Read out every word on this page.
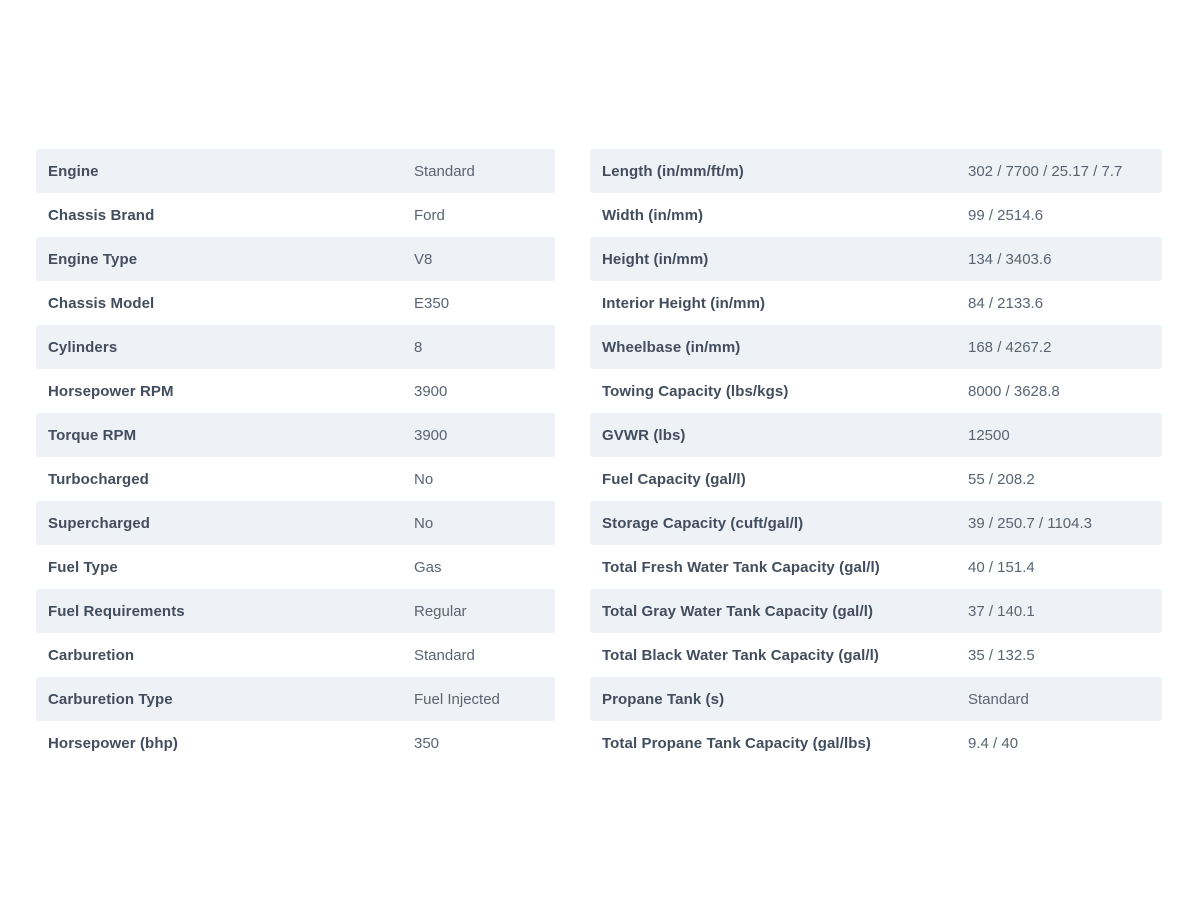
Engine	Standard
Chassis Brand	Ford
Engine Type	V8
Chassis Model	E350
Cylinders	8
Horsepower RPM	3900
Torque RPM	3900
Turbocharged	No
Supercharged	No
Fuel Type	Gas
Fuel Requirements	Regular
Carburetion	Standard
Carburetion Type	Fuel Injected
Horsepower (bhp)	350
Length (in/mm/ft/m)	302 / 7700 / 25.17 / 7.7
Width (in/mm)	99 / 2514.6
Height (in/mm)	134 / 3403.6
Interior Height (in/mm)	84 / 2133.6
Wheelbase (in/mm)	168 / 4267.2
Towing Capacity (lbs/kgs)	8000 / 3628.8
GVWR (lbs)	12500
Fuel Capacity (gal/l)	55 / 208.2
Storage Capacity (cuft/gal/l)	39 / 250.7 / 1104.3
Total Fresh Water Tank Capacity (gal/l)	40 / 151.4
Total Gray Water Tank Capacity (gal/l)	37 / 140.1
Total Black Water Tank Capacity (gal/l)	35 / 132.5
Propane Tank (s)	Standard
Total Propane Tank Capacity (gal/lbs)	9.4 / 40
